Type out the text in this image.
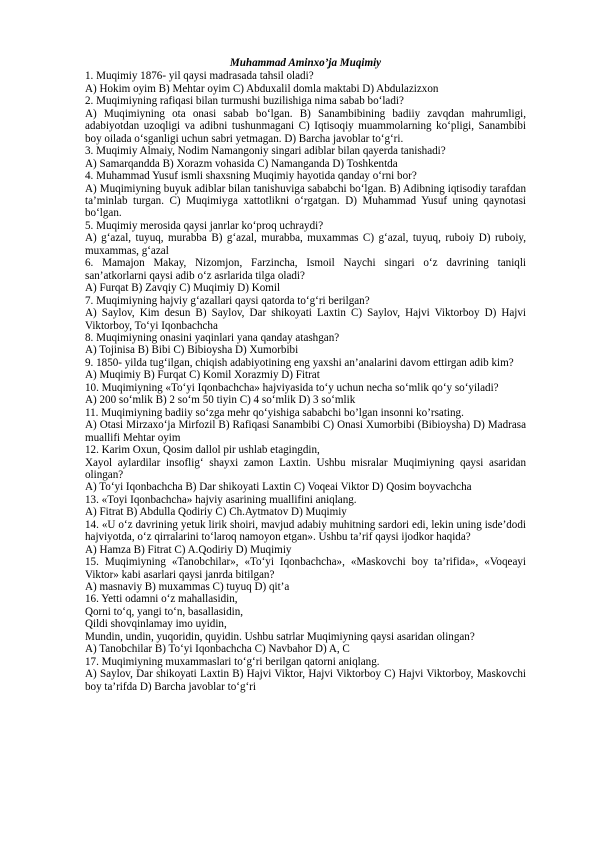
Muhammad Aminxo’ja Muqimiy

1. Muqimiy 1876- yil qaysi madrasada tahsil oladi?

A) Hokim oyim B) Mehtar oyim C) Abduxalil domla maktabi D) Abdulazizxon

2. Muqimiyning rafiqasi bilan turmushi buzilishiga nima sabab bo‘ladi?

A) Muqimiyning ota onasi sabab bo‘lgan. B) Sanambibining badiiy zavqdan mahrumligi, adabiyotdan uzoqligi va adibni tushunmagani C) Iqtisoqiy muammolarning ko‘pligi, Sanambibi boy oilada o‘sganligi uchun sabri yetmagan. D) Barcha javoblar to‘g‘ri.

3. Muqimiy Almaiy, Nodim Namangoniy singari adiblar bilan qayerda tanishadi?

A) Samarqandda B) Xorazm vohasida C) Namanganda D) Toshkentda

4. Muhammad Yusuf ismli shaxsning Muqimiy hayotida qanday o‘rni bor?

A) Muqimiyning buyuk adiblar bilan tanishuviga sababchi bo‘lgan. B) Adibning iqtisodiy tarafdan ta’minlab turgan. C) Muqimiyga xattotlikni o‘rgatgan. D) Muhammad Yusuf uning qaynotasi bo‘lgan.

5. Muqimiy merosida qaysi janrlar ko‘proq uchraydi?

A) g‘azal, tuyuq, murabba B) g‘azal, murabba, muxammas C) g‘azal, tuyuq, ruboiy D) ruboiy, muxammas, g‘azal

6. Mamajon Makay, Nizomjon, Farzincha, Ismoil Naychi singari o‘z davrining taniqli san’atkorlarni qaysi adib o‘z asrlarida tilga oladi?

A) Furqat B) Zavqiy C) Muqimiy D) Komil

7. Muqimiyning hajviy g‘azallari qaysi qatorda to‘g‘ri berilgan?

A) Saylov, Kim desun B) Saylov, Dar shikoyati Laxtin C) Saylov, Hajvi Viktorboy D) Hajvi Viktorboy, To‘yi Iqonbachcha

8. Muqimiyning onasini yaqinlari yana qanday atashgan?

A) Tojinisa B) Bibi C) Bibioysha D) Xumorbibi

9. 1850- yilda tug‘ilgan, chiqish adabiyotining eng yaxshi an’analarini davom ettirgan adib kim?

A) Muqimiy B) Furqat C) Komil Xorazmiy D) Fitrat

10. Muqimiyning «To‘yi Iqonbachcha» hajviyasida to‘y uchun necha so‘mlik qo‘y so‘yiladi?

A) 200 so‘mlik B) 2 so‘m 50 tiyin C) 4 so‘mlik D) 3 so‘mlik

11. Muqimiyning badiiy so‘zga mehr qo‘yishiga sababchi bo’lgan insonni ko’rsating.

A) Otasi Mirzaxo‘ja Mirfozil B) Rafiqasi Sanambibi C) Onasi Xumorbibi (Bibioysha) D) Madrasa muallifi Mehtar oyim

12. Karim Oxun, Qosim dallol pir ushlab etagingdin,

Xayol aylardilar insoflig‘ shayxi zamon Laxtin. Ushbu misralar Muqimiyning qaysi asaridan olingan?

A) To‘yi Iqonbachcha B) Dar shikoyati Laxtin C) Voqeai Viktor D) Qosim boyvachcha

13. «Toyi Iqonbachcha» hajviy asarining muallifini aniqlang.

A) Fitrat B) Abdulla Qodiriy C) Ch.Aytmatov D) Muqimiy

14. «U o‘z davrining yetuk lirik shoiri, mavjud adabiy muhitning sardori edi, lekin uning isde’dodi hajviyotda, o‘z qirralarini to‘laroq namoyon etgan». Ushbu ta’rif qaysi ijodkor haqida?

A) Hamza B) Fitrat C) A.Qodiriy D) Muqimiy

15. Muqimiyning «Tanobchilar», «To‘yi Iqonbachcha», «Maskovchi boy ta’rifida», «Voqeayi Viktor» kabi asarlari qaysi janrda bitilgan?

A) masnaviy B) muxammas C) tuyuq D) qit’a

16. Yetti odamni o‘z mahallasidin,

Qorni to‘q, yangi to‘n, basallasidin,

Qildi shovqinlamay imo uyidin,

Mundin, undin, yuqoridin, quyidin. Ushbu satrlar Muqimiyning qaysi asaridan olingan?

A) Tanobchilar B) To‘yi Iqonbachcha C) Navbahor D) A, C

17. Muqimiyning muxammaslari to‘g‘ri berilgan qatorni aniqlang.

A) Saylov, Dar shikoyati Laxtin B) Hajvi Viktor, Hajvi Viktorboy C) Hajvi Viktorboy, Maskovchi boy ta’rifda D) Barcha javoblar to‘g‘ri
